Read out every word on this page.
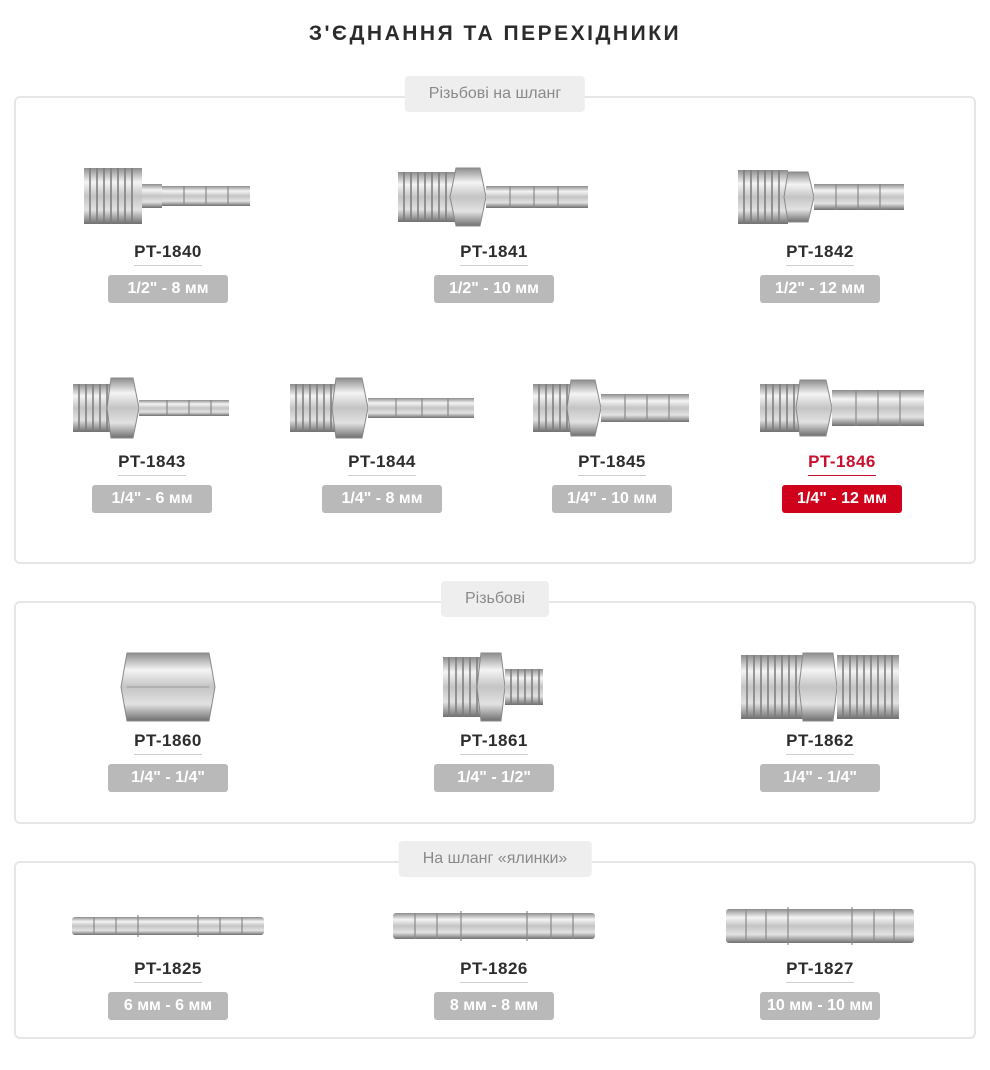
З'ЄДНАННЯ ТА ПЕРЕХІДНИКИ
Різьбові на шланг
PT-1840
1/2" - 8 мм
PT-1841
1/2" - 10 мм
PT-1842
1/2" - 12 мм
PT-1843
1/4" - 6 мм
PT-1844
1/4" - 8 мм
PT-1845
1/4" - 10 мм
PT-1846
1/4" - 12 мм
Різьбові
PT-1860
1/4" - 1/4"
PT-1861
1/4" - 1/2"
PT-1862
1/4" - 1/4"
На шланг «ялинки»
PT-1825
6 мм - 6 мм
PT-1826
8 мм - 8 мм
PT-1827
10 мм - 10 мм
